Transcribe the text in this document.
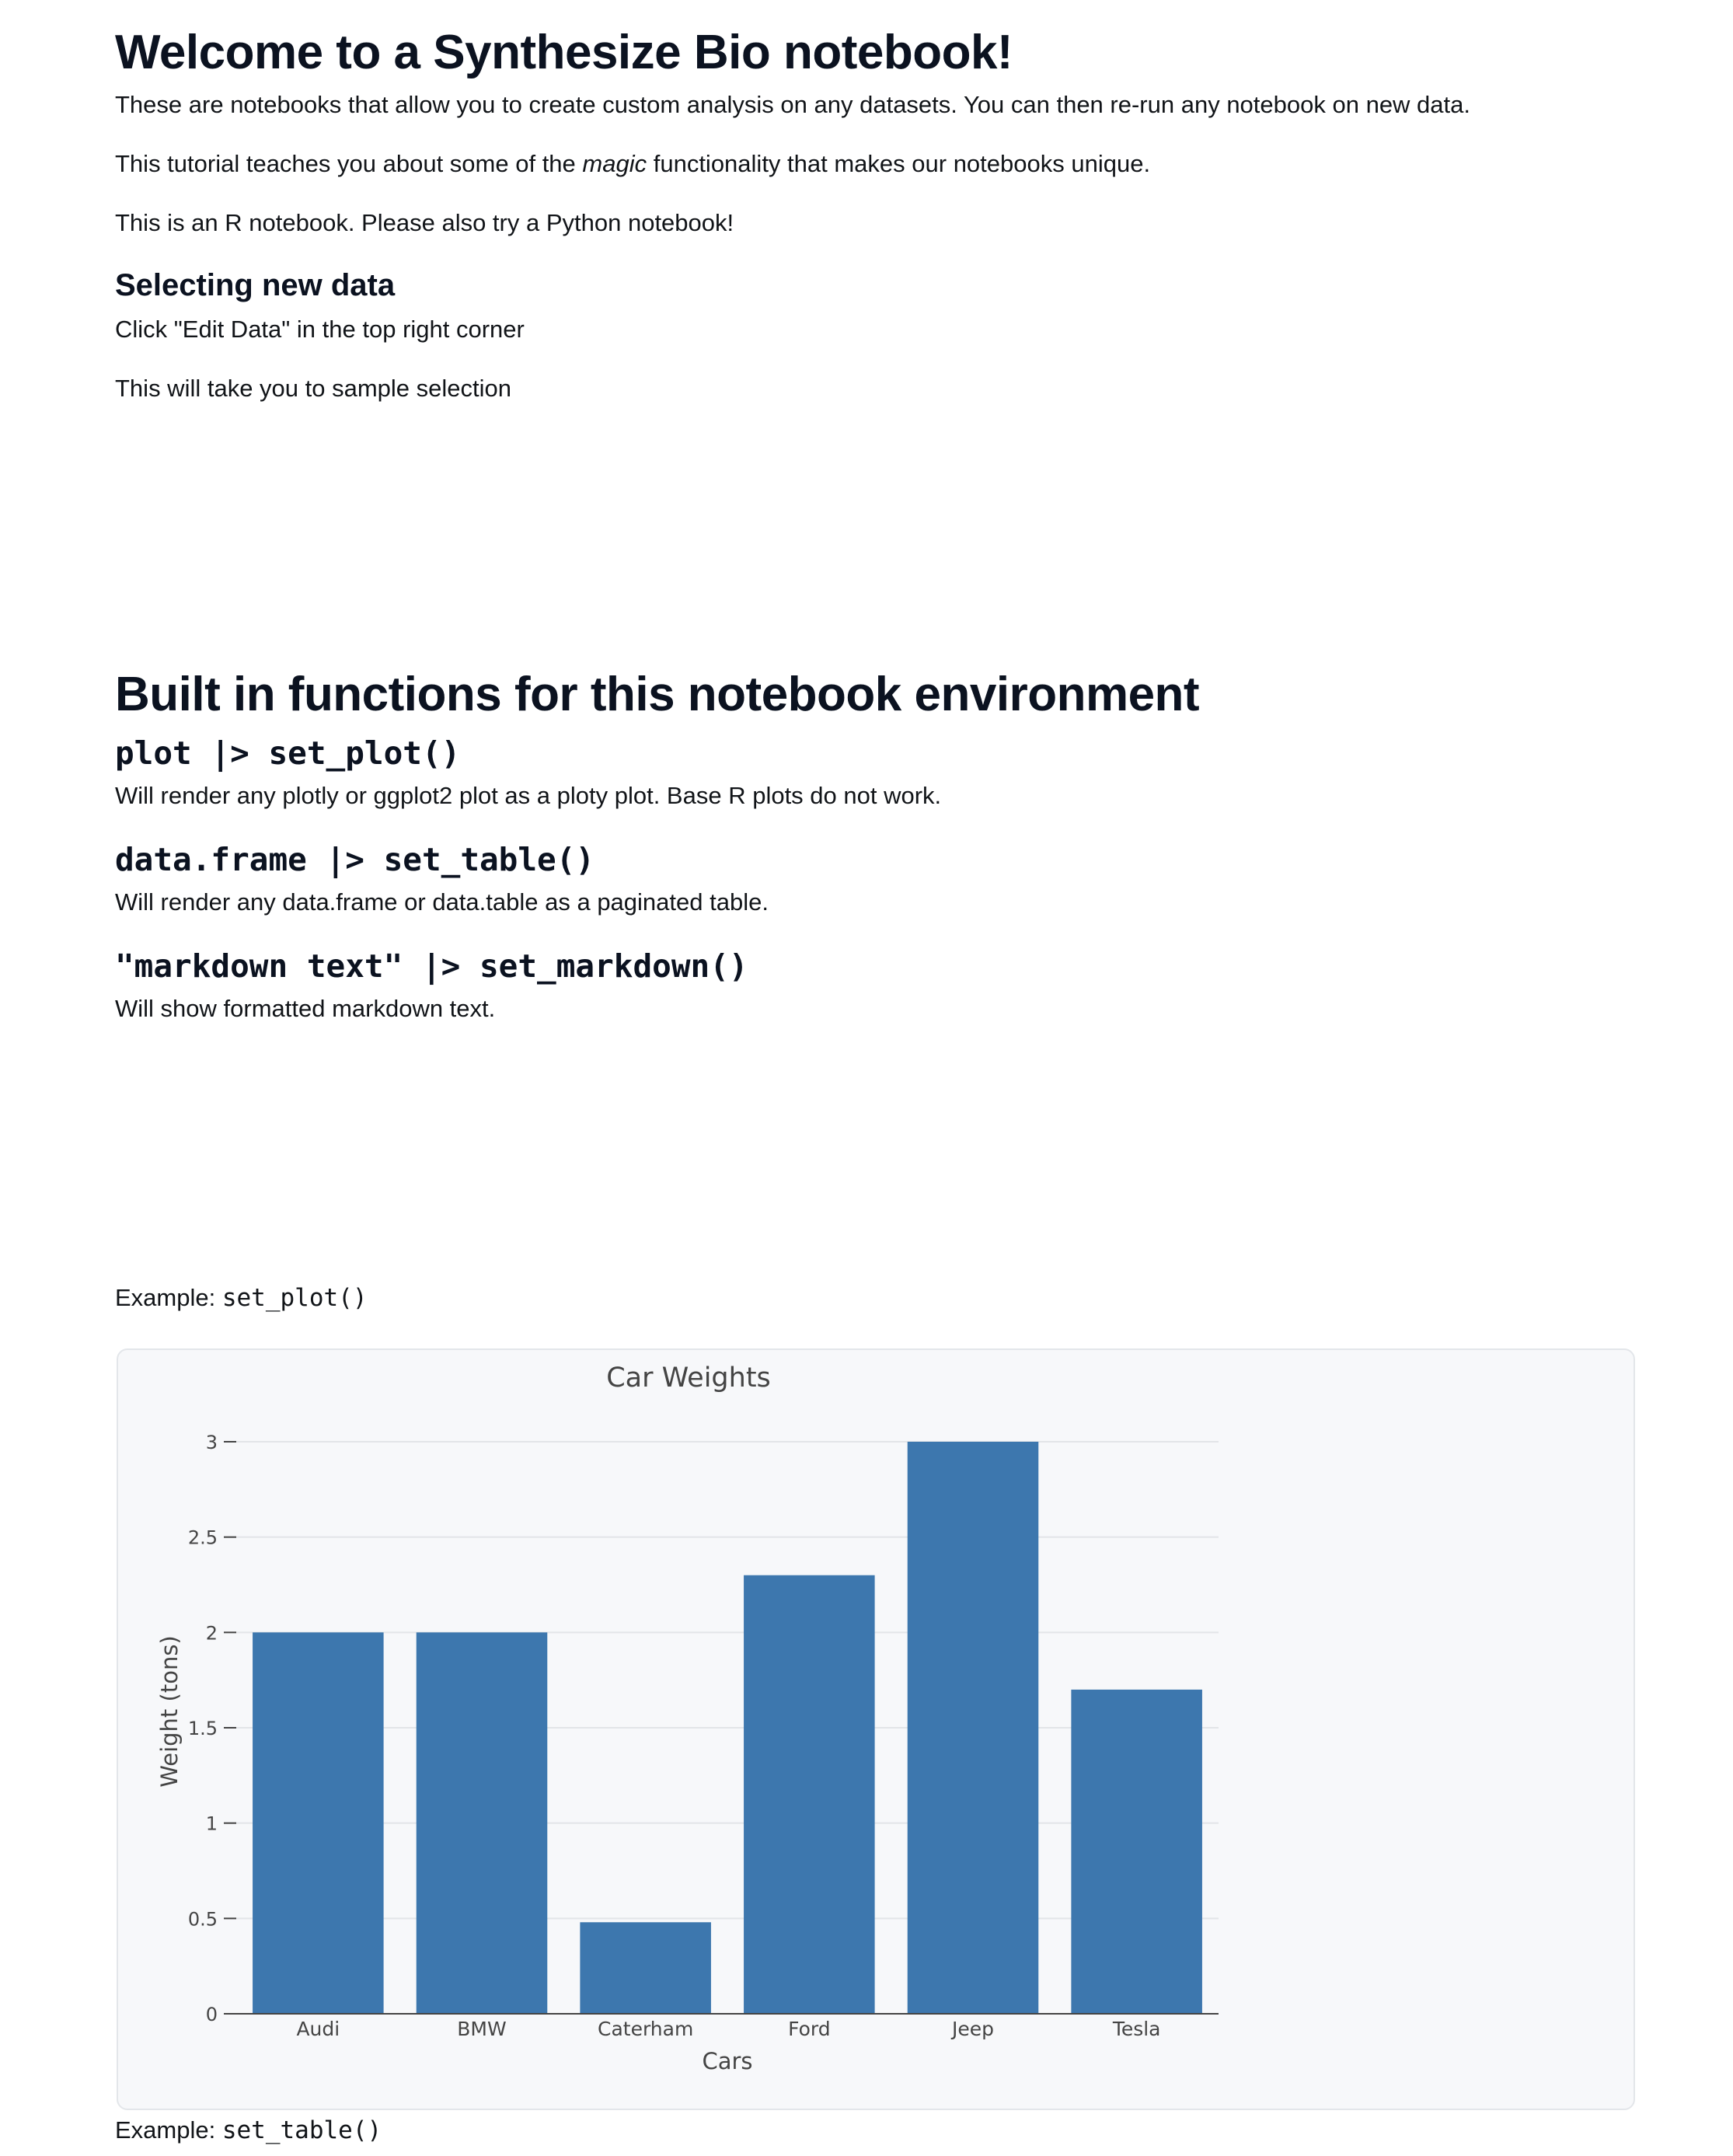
Welcome to a Synthesize Bio notebook!
These are notebooks that allow you to create custom analysis on any datasets. You can then re-run any notebook on new data.
This tutorial teaches you about some of the magic functionality that makes our notebooks unique.
This is an R notebook. Please also try a Python notebook!
Selecting new data
Click "Edit Data" in the top right corner
This will take you to sample selection
Built in functions for this notebook environment
plot |> set_plot()
Will render any plotly or ggplot2 plot as a ploty plot. Base R plots do not work.
data.frame |> set_table()
Will render any data.frame or data.table as a paginated table.
"markdown text" |> set_markdown()
Will show formatted markdown text.
Example: set_plot()
0
0.5
1
1.5
2
2.5
3
Audi	BMW	Caterham	Ford	Jeep	Tesla
Car Weights
Cars
Weight (tons)
Example: set_table()
